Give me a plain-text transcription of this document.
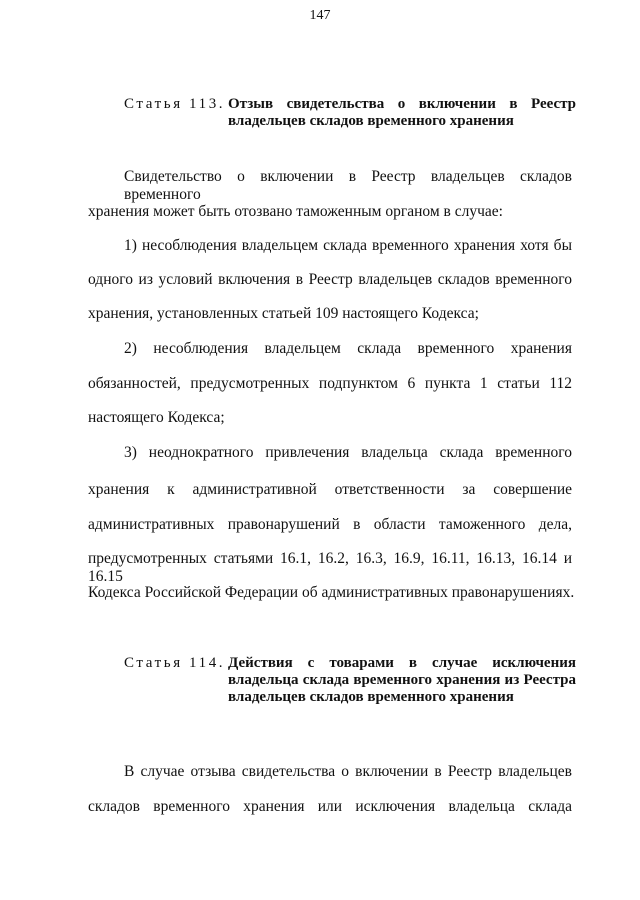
147
Статья 113. Отзыв свидетельства о включении в Реестр владельцев складов временного хранения
Свидетельство о включении в Реестр владельцев складов временного
хранения может быть отозвано таможенным органом в случае:
1) несоблюдения владельцем склада временного хранения хотя бы
одного из условий включения в Реестр владельцев складов временного
хранения, установленных статьей 109 настоящего Кодекса;
2) несоблюдения владельцем склада временного хранения
обязанностей, предусмотренных подпунктом 6 пункта 1 статьи 112
настоящего Кодекса;
3) неоднократного привлечения владельца склада временного
хранения к административной ответственности за совершение
административных правонарушений в области таможенного дела,
предусмотренных статьями 16.1, 16.2, 16.3, 16.9, 16.11, 16.13, 16.14 и 16.15
Кодекса Российской Федерации об административных правонарушениях.
Статья 114. Действия с товарами в случае исключения владельца склада временного хранения из Реестра владельцев складов временного хранения
В случае отзыва свидетельства о включении в Реестр владельцев
складов временного хранения или исключения владельца склада
